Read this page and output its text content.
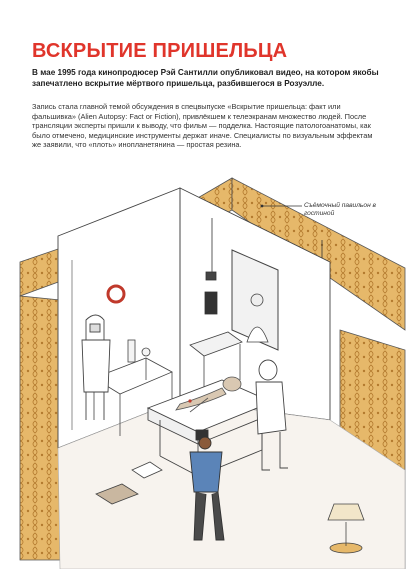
ВСКРЫТИЕ ПРИШЕЛЬЦА
В мае 1995 года кинопродюсер Рэй Сантилли опубликовал видео, на котором якобы запечатлено вскрытие мёртвого пришельца, разбившегося в Розуэлле.
Запись стала главной темой обсуждения в спецвыпуске «Вскрытие пришельца: факт или фальшивка» (Alien Autopsy: Fact or Fiction), привлёкшем к телеэкранам множество людей. После трансляции эксперты пришли к выводу, что фильм — подделка. Настоящие патологоанатомы, как было отмечено, медицинские инструменты держат иначе. Специалисты по визуальным эффектам же заявили, что «плоть» инопланетянина — простая резина.
Съёмочный павильон в гостиной
